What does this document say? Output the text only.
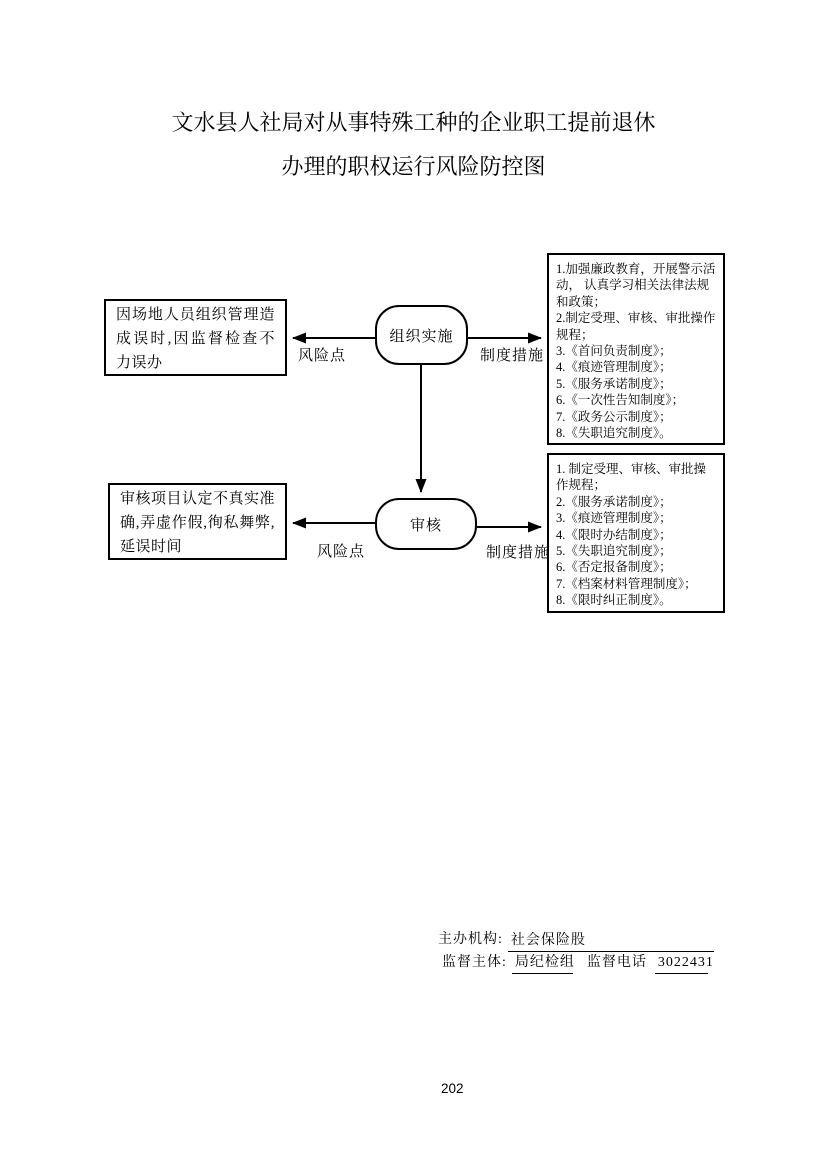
文水县人社局对从事特殊工种的企业职工提前退休
办理的职权运行风险防控图
因场地人员组织管理造成误时,因监督检查不力误办
组织实施
1.加强廉政教育，开展警示活动， 认真学习相关法律法规和政策；
2.制定受理、审核、审批操作规程；
3.《首问负责制度》；
4.《痕迹管理制度》；
5.《服务承诺制度》；
6.《一次性告知制度》；
7.《政务公示制度》；
8.《失职追究制度》。
风险点	制度措施
审核项目认定不真实准确,弄虚作假,徇私舞弊,延误时间
审核
1. 制定受理、审核、审批操作规程；
2.《服务承诺制度》；
3.《痕迹管理制度》；
4.《限时办结制度》；
5.《失职追究制度》；
6.《否定报备制度》；
7.《档案材料管理制度》；
8.《限时纠正制度》。
风险点	制度措施
主办机构: 社会保险股
监督主体: 局纪检组 监督电话 3022431
202
